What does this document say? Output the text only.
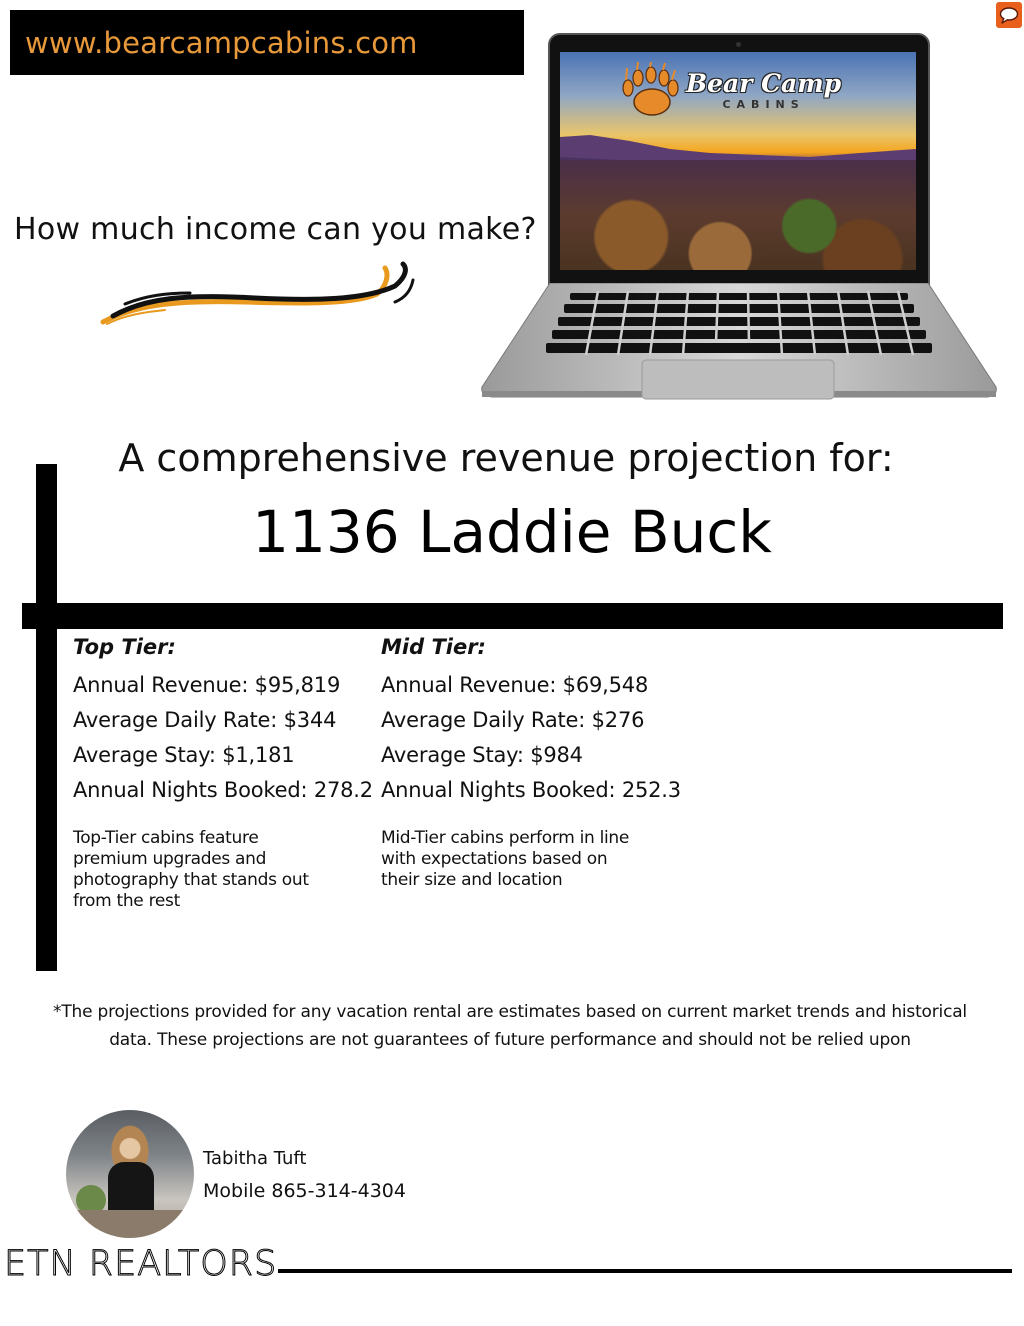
www.bearcampcabins.com
How much income can you make?
Bear Camp
CABINS
A comprehensive revenue projection for:
1136 Laddie Buck
Top Tier:
Annual Revenue: $95,819
Average Daily Rate: $344
Average Stay: $1,181
Annual Nights Booked: 278.2
Top-Tier cabins feature premium upgrades and photography that stands out from the rest
Mid Tier:
Annual Revenue: $69,548
Average Daily Rate: $276
Average Stay: $984
Annual Nights Booked: 252.3
Mid-Tier cabins perform in line with expectations based on their size and location
*The projections provided for any vacation rental are estimates based on current market trends and historical data. These projections are not guarantees of future performance and should not be relied upon
Tabitha Tuft
Mobile 865-314-4304
ETN REALTORS
